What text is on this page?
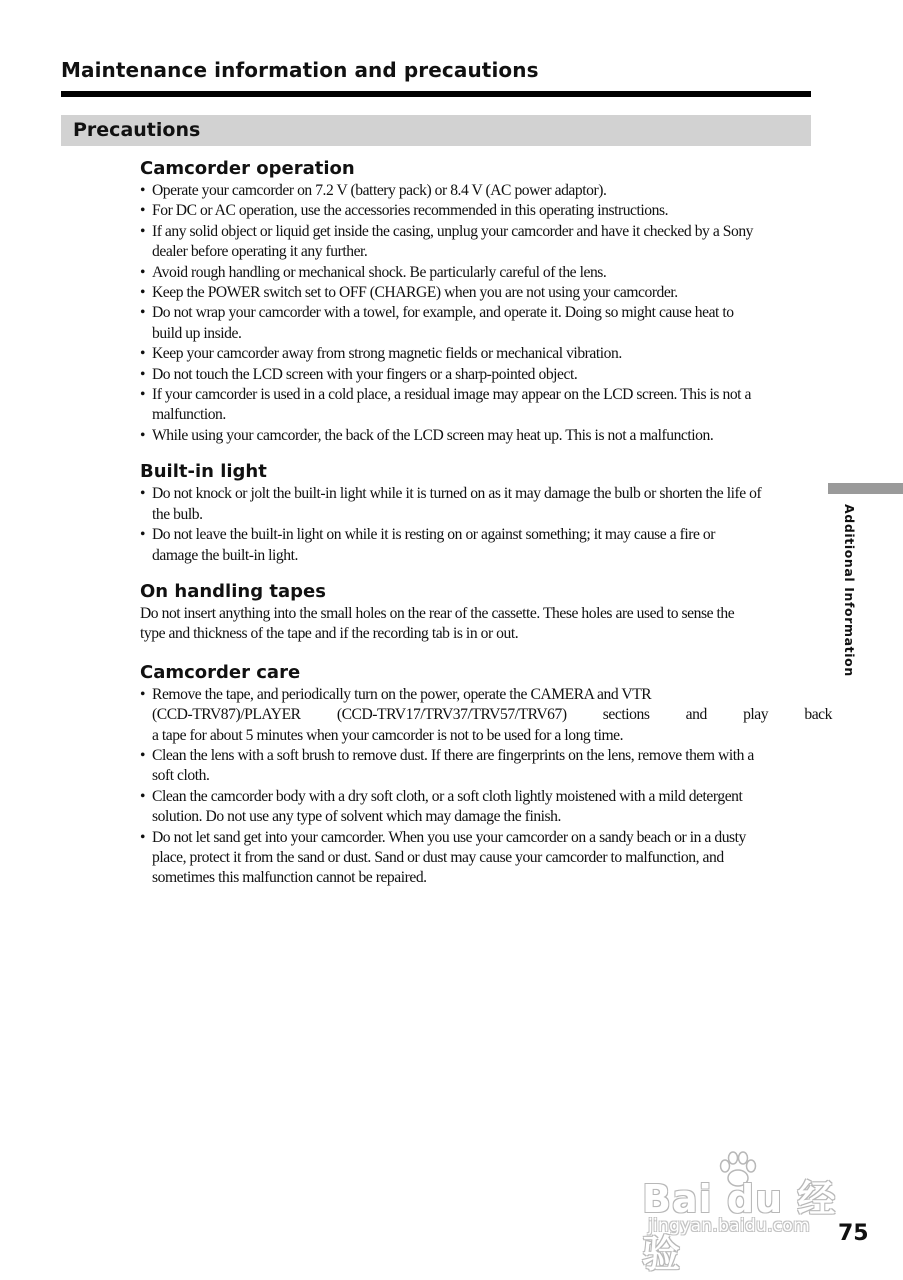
Maintenance information and precautions
Precautions
Camcorder operation
• Operate your camcorder on 7.2 V (battery pack) or 8.4 V (AC power adaptor).
• For DC or AC operation, use the accessories recommended in this operating instructions.
• If any solid object or liquid get inside the casing, unplug your camcorder and have it checked by a Sony dealer before operating it any further.
• Avoid rough handling or mechanical shock. Be particularly careful of the lens.
• Keep the POWER switch set to OFF (CHARGE) when you are not using your camcorder.
• Do not wrap your camcorder with a towel, for example, and operate it. Doing so might cause heat to build up inside.
• Keep your camcorder away from strong magnetic fields or mechanical vibration.
• Do not touch the LCD screen with your fingers or a sharp-pointed object.
• If your camcorder is used in a cold place, a residual image may appear on the LCD screen. This is not a malfunction.
• While using your camcorder, the back of the LCD screen may heat up. This is not a malfunction.
Built-in light
• Do not knock or jolt the built-in light while it is turned on as it may damage the bulb or shorten the life of the bulb.
• Do not leave the built-in light on while it is resting on or against something; it may cause a fire or damage the built-in light.
On handling tapes

Do not insert anything into the small holes on the rear of the cassette. These holes are used to sense the type and thickness of the tape and if the recording tab is in or out.

Camcorder care
• Remove the tape, and periodically turn on the power, operate the CAMERA and VTR
(CCD-TRV87)/PLAYER (CCD-TRV17/TRV37/TRV57/TRV67) sections and play back
a tape for about 5 minutes when your camcorder is not to be used for a long time.
• Clean the lens with a soft brush to remove dust. If there are fingerprints on the lens, remove them with a soft cloth.
• Clean the camcorder body with a dry soft cloth, or a soft cloth lightly moistened with a mild detergent solution. Do not use any type of solvent which may damage the finish.
• Do not let sand get into your camcorder. When you use your camcorder on a sandy beach or in a dusty place, protect it from the sand or dust. Sand or dust may cause your camcorder to malfunction, and sometimes this malfunction cannot be repaired.
Additional Information
Bai du 经验
jingyan.baidu.com 75
